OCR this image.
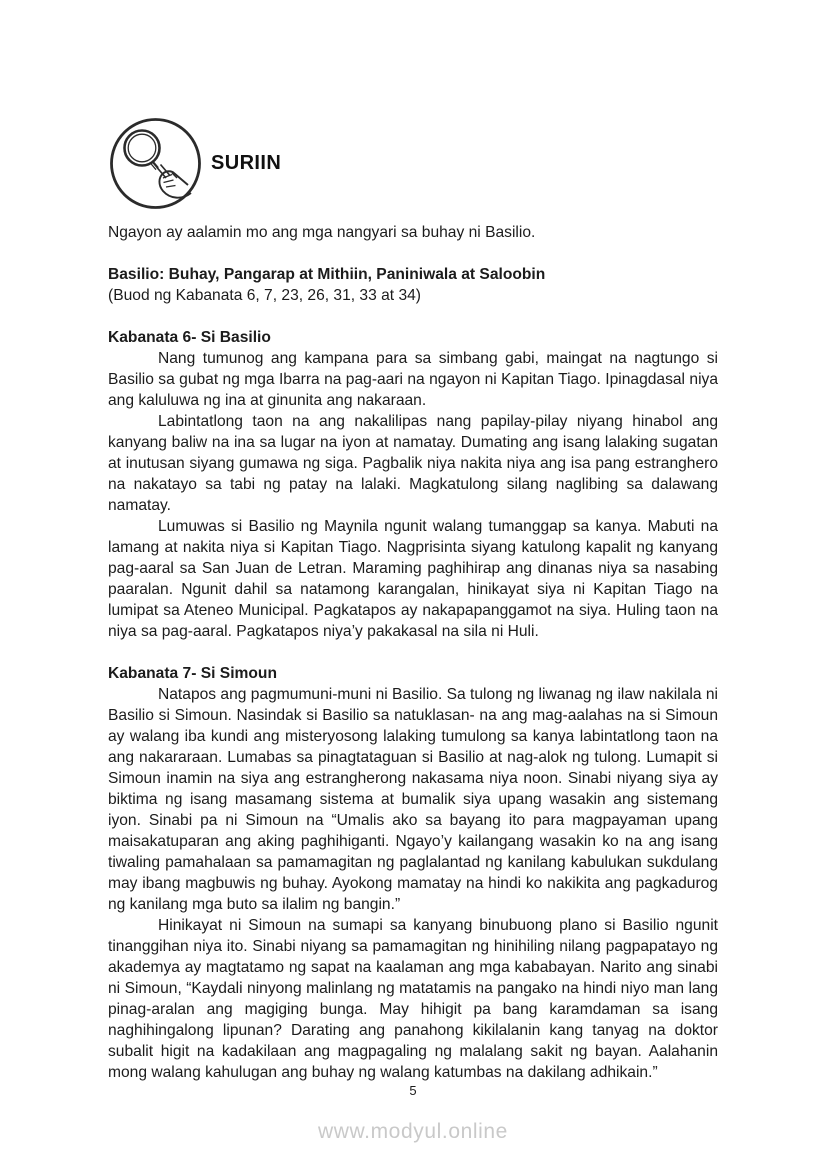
SURIIN
Ngayon ay aalamin mo ang mga nangyari sa buhay ni Basilio.
Basilio: Buhay, Pangarap at Mithiin, Paniniwala at Saloobin
(Buod ng Kabanata 6, 7, 23, 26, 31, 33 at 34)
Kabanata 6- Si Basilio

Nang tumunog ang kampana para sa simbang gabi, maingat na nagtungo si Basilio sa gubat ng mga Ibarra na pag-aari na ngayon ni Kapitan Tiago. Ipinagdasal niya ang kaluluwa ng ina at ginunita ang nakaraan.

Labintatlong taon na ang nakalilipas nang papilay-pilay niyang hinabol ang kanyang baliw na ina sa lugar na iyon at namatay. Dumating ang isang lalaking sugatan at inutusan siyang gumawa ng siga. Pagbalik niya nakita niya ang isa pang estranghero na nakatayo sa tabi ng patay na lalaki. Magkatulong silang naglibing sa dalawang namatay.

Lumuwas si Basilio ng Maynila ngunit walang tumanggap sa kanya. Mabuti na lamang at nakita niya si Kapitan Tiago. Nagprisinta siyang katulong kapalit ng kanyang pag-aaral sa San Juan de Letran. Maraming paghihirap ang dinanas niya sa nasabing paaralan. Ngunit dahil sa natamong karangalan, hinikayat siya ni Kapitan Tiago na lumipat sa Ateneo Municipal. Pagkatapos ay nakapapanggamot na siya. Huling taon na niya sa pag-aaral. Pagkatapos niya’y pakakasal na sila ni Huli.

Kabanata 7- Si Simoun

Natapos ang pagmumuni-muni ni Basilio. Sa tulong ng liwanag ng ilaw nakilala ni Basilio si Simoun. Nasindak si Basilio sa natuklasan- na ang mag-aalahas na si Simoun ay walang iba kundi ang misteryosong lalaking tumulong sa kanya labintatlong taon na ang nakararaan. Lumabas sa pinagtataguan si Basilio at nag-alok ng tulong. Lumapit si Simoun inamin na siya ang estrangherong nakasama niya noon. Sinabi niyang siya ay biktima ng isang masamang sistema at bumalik siya upang wasakin ang sistemang iyon. Sinabi pa ni Simoun na “Umalis ako sa bayang ito para magpayaman upang maisakatuparan ang aking paghihiganti. Ngayo’y kailangang wasakin ko na ang isang tiwaling pamahalaan sa pamamagitan ng paglalantad ng kanilang kabulukan sukdulang may ibang magbuwis ng buhay. Ayokong mamatay na hindi ko nakikita ang pagkadurog ng kanilang mga buto sa ilalim ng bangin.”

Hinikayat ni Simoun na sumapi sa kanyang binubuong plano si Basilio ngunit tinanggihan niya ito. Sinabi niyang sa pamamagitan ng hinihiling nilang pagpapatayo ng akademya ay magtatamo ng sapat na kaalaman ang mga kababayan. Narito ang sinabi ni Simoun, “Kaydali ninyong malinlang ng matatamis na pangako na hindi niyo man lang pinag-aralan ang magiging bunga. May hihigit pa bang karamdaman sa isang naghihingalong lipunan? Darating ang panahong kikilalanin kang tanyag na doktor subalit higit na kadakilaan ang magpagaling ng malalang sakit ng bayan. Aalahanin mong walang kahulugan ang buhay ng walang katumbas na dakilang adhikain.”

5
www.modyul.online
